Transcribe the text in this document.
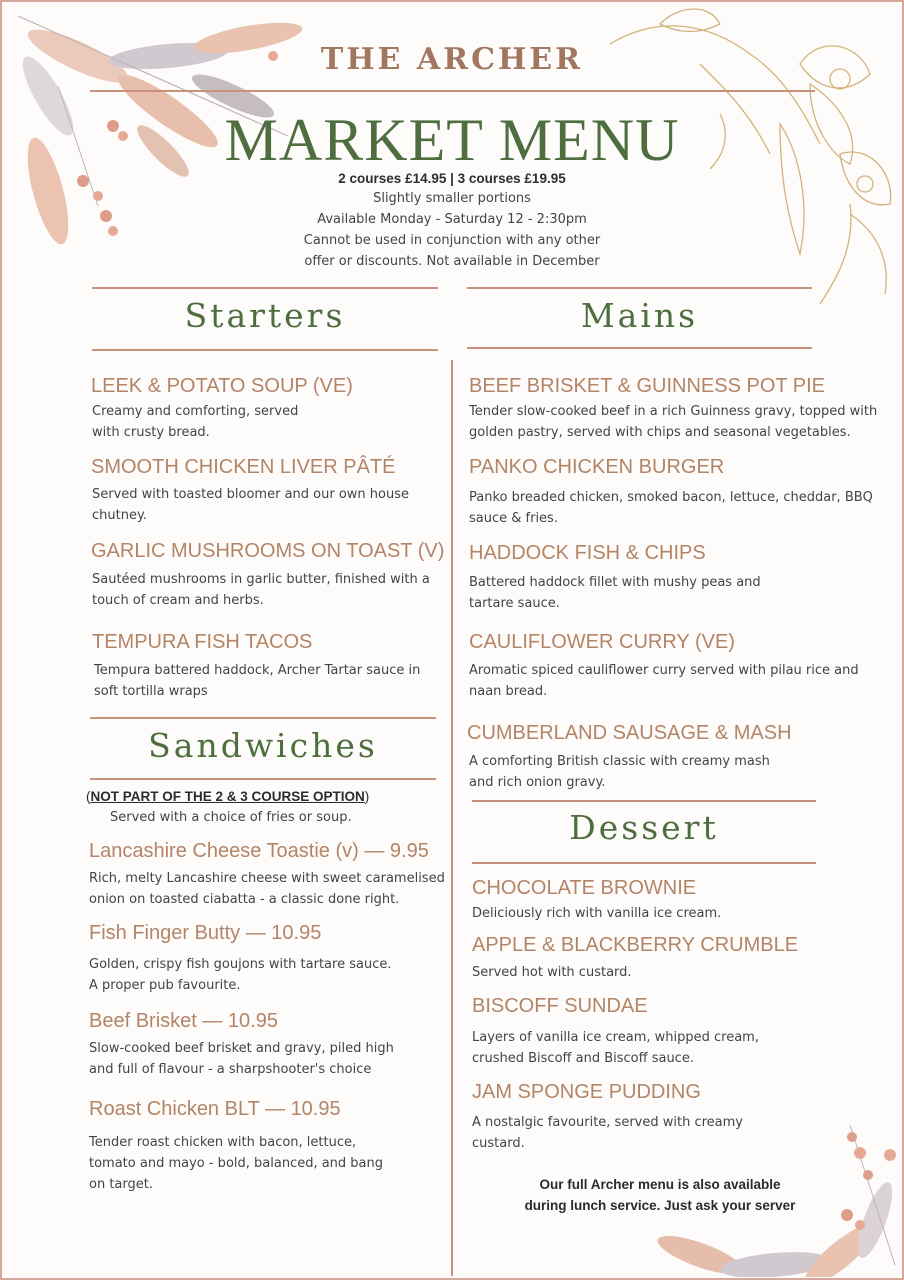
THE ARCHER
MARKET MENU
2 courses £14.95 | 3 courses £19.95
Slightly smaller portions
Available Monday - Saturday 12 - 2:30pm
Cannot be used in conjunction with any other
offer or discounts. Not available in December
Starters
LEEK & POTATO SOUP (VE)
Creamy and comforting, served
with crusty bread.
SMOOTH CHICKEN LIVER PÂTÉ
Served with toasted bloomer and our own house
chutney.
GARLIC MUSHROOMS ON TOAST (V)
Sautéed mushrooms in garlic butter, finished with a
touch of cream and herbs.
TEMPURA FISH TACOS
Tempura battered haddock, Archer Tartar sauce in
soft tortilla wraps
Sandwiches
(NOT PART OF THE 2 & 3 COURSE OPTION)
Served with a choice of fries or soup.
Lancashire Cheese Toastie (v) — 9.95
Rich, melty Lancashire cheese with sweet caramelised
onion on toasted ciabatta - a classic done right.
Fish Finger Butty — 10.95
Golden, crispy fish goujons with tartare sauce.
A proper pub favourite.
Beef Brisket — 10.95
Slow-cooked beef brisket and gravy, piled high
and full of flavour - a sharpshooter's choice
Roast Chicken BLT — 10.95
Tender roast chicken with bacon, lettuce,
tomato and mayo - bold, balanced, and bang
on target.
Mains
BEEF BRISKET & GUINNESS POT PIE
Tender slow-cooked beef in a rich Guinness gravy, topped with
golden pastry, served with chips and seasonal vegetables.
PANKO CHICKEN BURGER
Panko breaded chicken, smoked bacon, lettuce, cheddar, BBQ
sauce & fries.
HADDOCK FISH & CHIPS
Battered haddock fillet with mushy peas and
tartare sauce.
CAULIFLOWER CURRY (VE)
Aromatic spiced cauliflower curry served with pilau rice and
naan bread.
CUMBERLAND SAUSAGE & MASH
A comforting British classic with creamy mash
and rich onion gravy.
Dessert
CHOCOLATE BROWNIE
Deliciously rich with vanilla ice cream.
APPLE & BLACKBERRY CRUMBLE
Served hot with custard.
BISCOFF SUNDAE
Layers of vanilla ice cream, whipped cream,
crushed Biscoff and Biscoff sauce.
JAM SPONGE PUDDING
A nostalgic favourite, served with creamy
custard.
Our full Archer menu is also available
during lunch service. Just ask your server
